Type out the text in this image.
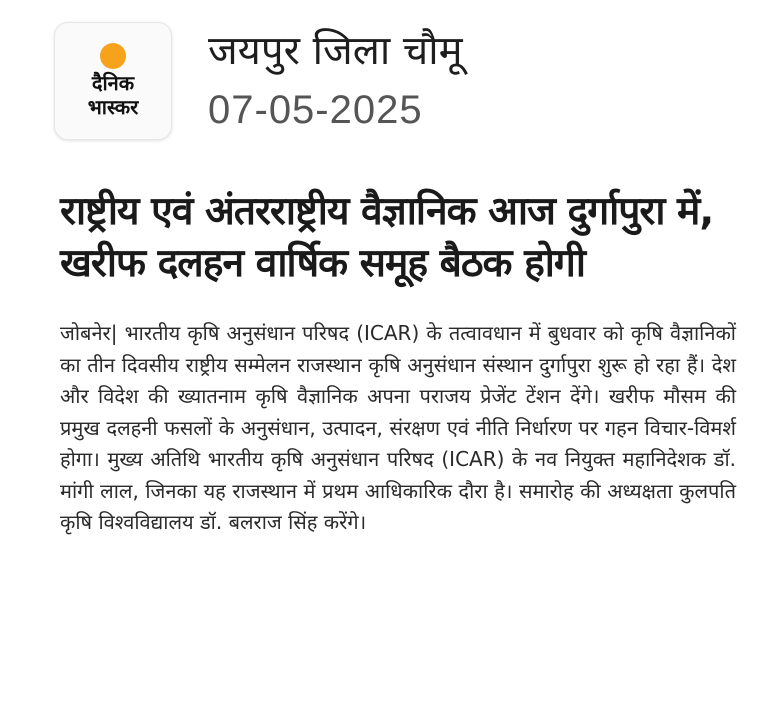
दैनिक
भास्कर
जयपुर जिला चौमू
07-05-2025
राष्ट्रीय एवं अंतरराष्ट्रीय वैज्ञानिक आज दुर्गापुरा में, खरीफ दलहन वार्षिक समूह बैठक होगी
जोबनेर| भारतीय कृषि अनुसंधान परिषद (ICAR) के तत्वावधान में बुधवार को कृषि वैज्ञानिकों का तीन दिवसीय राष्ट्रीय सम्मेलन राजस्थान कृषि अनुसंधान संस्थान दुर्गापुरा शुरू हो रहा हैं। देश और विदेश की ख्यातनाम कृषि वैज्ञानिक अपना पराजय प्रेजेंट टेंशन देंगे। खरीफ मौसम की प्रमुख दलहनी फसलों के अनुसंधान, उत्पादन, संरक्षण एवं नीति निर्धारण पर गहन विचार-विमर्श होगा। मुख्य अतिथि भारतीय कृषि अनुसंधान परिषद (ICAR) के नव नियुक्त महानिदेशक डॉ. मांगी लाल, जिनका यह राजस्थान में प्रथम आधिकारिक दौरा है। समारोह की अध्यक्षता कुलपति कृषि विश्वविद्यालय डॉ. बलराज सिंह करेंगे।
